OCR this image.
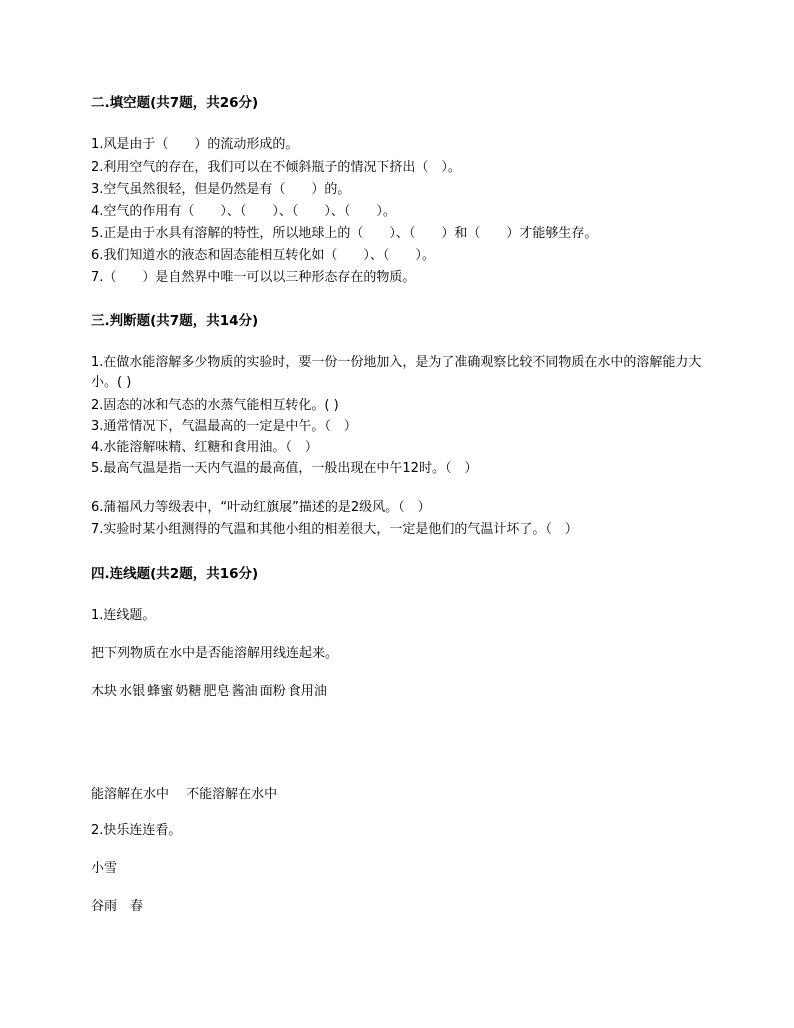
二.填空题(共7题，共26分)
1.风是由于（　　）的流动形成的。
2.利用空气的存在，我们可以在不倾斜瓶子的情况下挤出（　）。
3.空气虽然很轻，但是仍然是有（　　）的。
4.空气的作用有（　　）、（　　）、（　　）、（　　）。
5.正是由于水具有溶解的特性，所以地球上的（　　）、（　　）和（　　）才能够生存。
6.我们知道水的液态和固态能相互转化如（　　）、（　　）。
7.（　　）是自然界中唯一可以以三种形态存在的物质。
三.判断题(共7题，共14分)
1.在做水能溶解多少物质的实验时，要一份一份地加入，是为了准确观察比较不同物质在水中的溶解能力大小。( )
2.固态的冰和气态的水蒸气能相互转化。( )
3.通常情况下，气温最高的一定是中午。（　）
4.水能溶解味精、红糖和食用油。（　）
5.最高气温是指一天内气温的最高值，一般出现在中午12时。（　）
6.蒲福风力等级表中，“叶动红旗展”描述的是2级风。（　）
7.实验时某小组测得的气温和其他小组的相差很大，一定是他们的气温计坏了。（　）
四.连线题(共2题，共16分)
1.连线题。
把下列物质在水中是否能溶解用线连起来。
木块 水银 蜂蜜 奶糖 肥皂 酱油 面粉 食用油
能溶解在水中　 不能溶解在水中
2.快乐连连看。
小雪
谷雨　春
